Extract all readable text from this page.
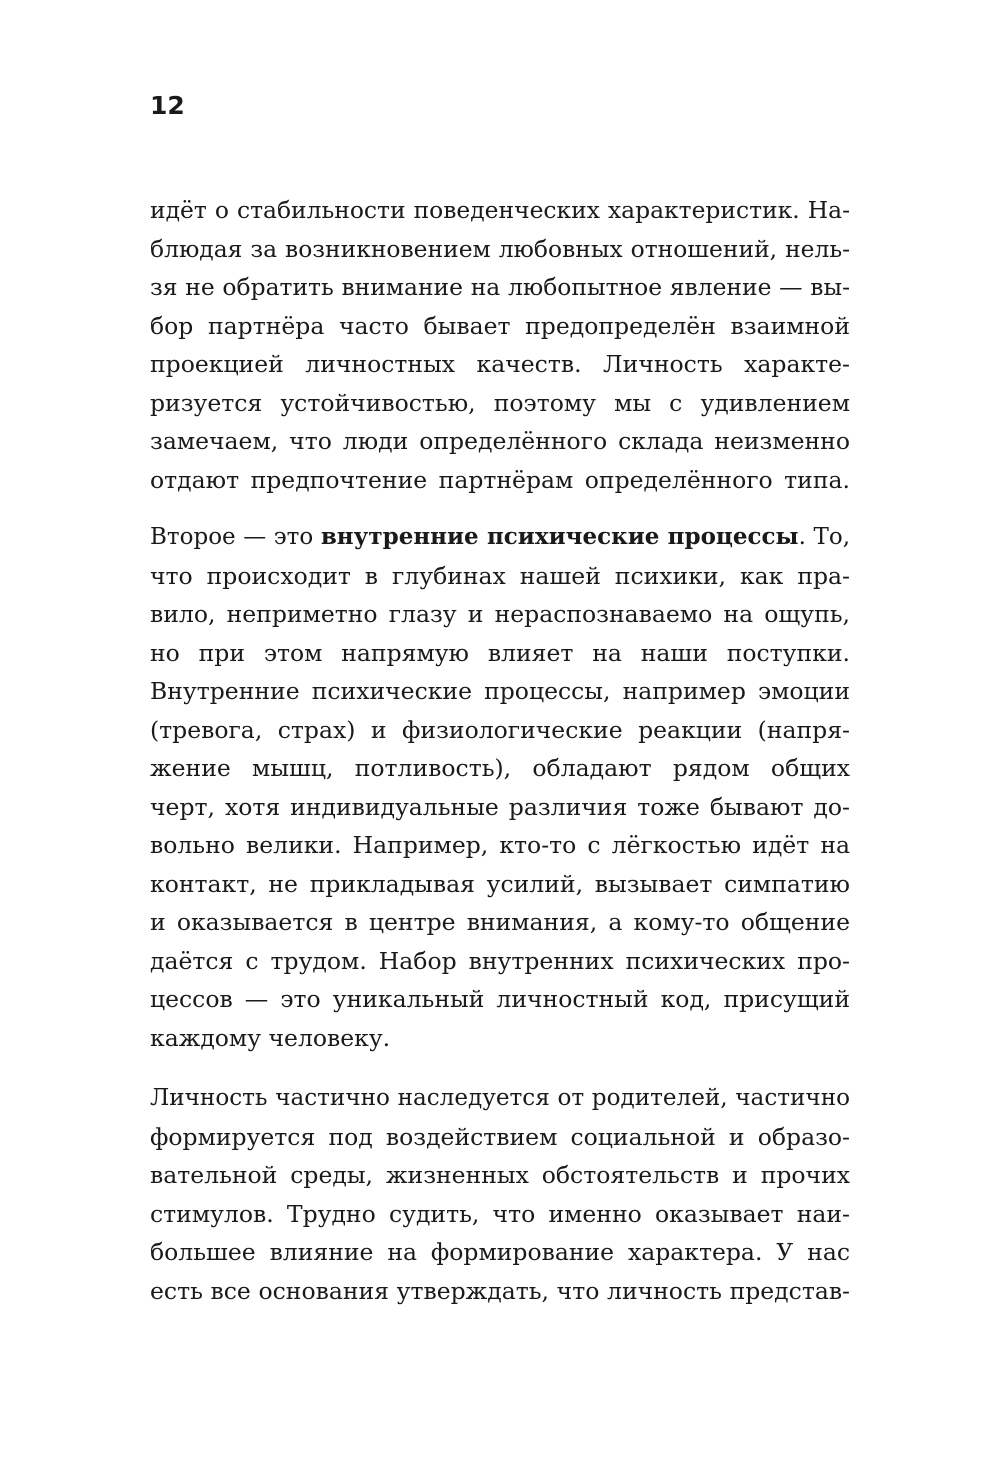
12
идёт о стабильности поведенческих характеристик. На-
блюдая за возникновением любовных отношений, нель-
зя не обратить внимание на любопытное явление — вы-
бор партнёра часто бывает предопределён взаимной
проекцией личностных качеств. Личность характе-
ризуется устойчивостью, поэтому мы с удивлением
замечаем, что люди определённого склада неизменно
отдают предпочтение партнёрам определённого типа.
Второе — это внутренние психические процессы. То,
что происходит в глубинах нашей психики, как пра-
вило, неприметно глазу и нераспознаваемо на ощупь,
но при этом напрямую влияет на наши поступки.
Внутренние психические процессы, например эмоции
(тревога, страх) и физиологические реакции (напря-
жение мышц, потливость), обладают рядом общих
черт, хотя индивидуальные различия тоже бывают до-
вольно велики. Например, кто-то с лёгкостью идёт на
контакт, не прикладывая усилий, вызывает симпатию
и оказывается в центре внимания, а кому-то общение
даётся с трудом. Набор внутренних психических про-
цессов — это уникальный личностный код, присущий
каждому человеку.
Личность частично наследуется от родителей, частично
формируется под воздействием социальной и образо-
вательной среды, жизненных обстоятельств и прочих
стимулов. Трудно судить, что именно оказывает наи-
большее влияние на формирование характера. У нас
есть все основания утверждать, что личность представ-
